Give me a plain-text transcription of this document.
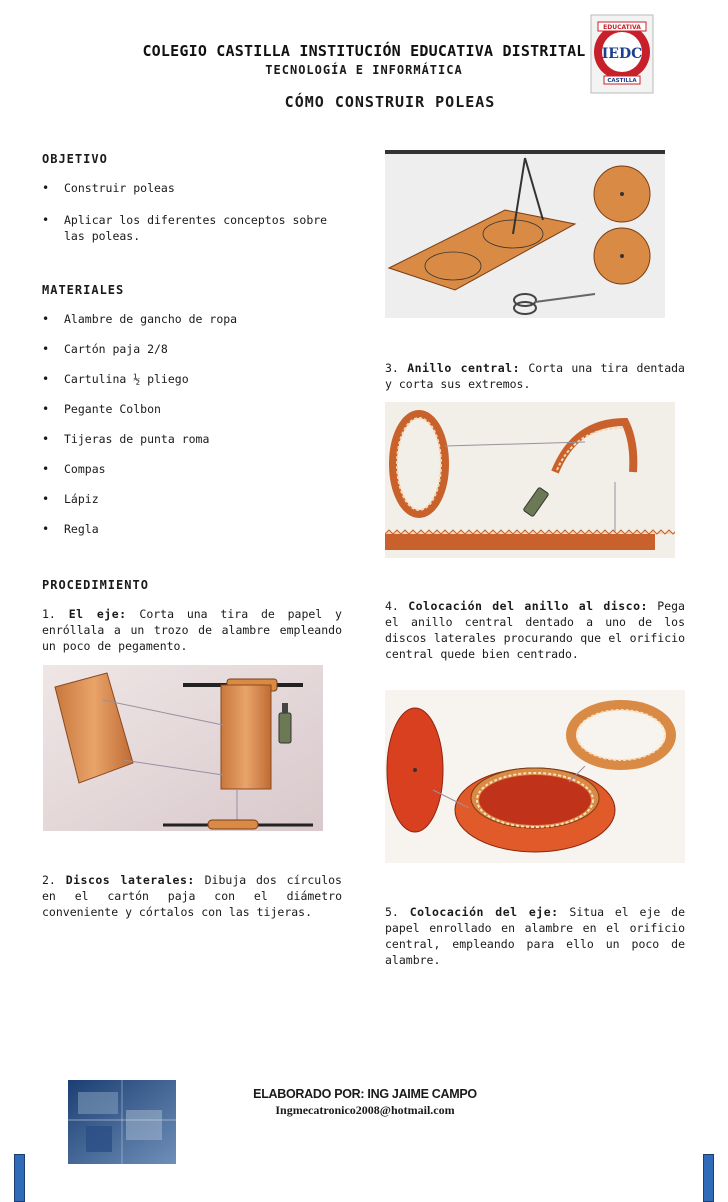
COLEGIO CASTILLA INSTITUCIÓN EDUCATIVA DISTRITAL
TECNOLOGÍA E INFORMÁTICA
CÓMO CONSTRUIR POLEAS
EDUCATIVA
IEDC
CASTILLA
OBJETIVO
• Construir poleas
• Aplicar los diferentes conceptos sobre las poleas.
MATERIALES
• Alambre de gancho de ropa
• Cartón paja 2/8
• Cartulina ½ pliego
• Pegante Colbon
• Tijeras de punta roma
• Compas
• Lápiz
• Regla
PROCEDIMIENTO
1. El eje: Corta una tira de papel y enróllala a un trozo de alambre empleando un poco de pegamento.
2. Discos laterales: Dibuja dos círculos en el cartón paja con el diámetro conveniente y córtalos con las tijeras.
3. Anillo central: Corta una tira dentada y corta sus extremos.
4. Colocación del anillo al disco: Pega el anillo central dentado a uno de los discos laterales procurando que el orificio central quede bien centrado.
5. Colocación del eje: Situa el eje de papel enrollado en alambre en el orificio central, empleando para ello un poco de alambre.
ELABORADO POR: ING JAIME CAMPO
Ingmecatronico2008@hotmail.com
